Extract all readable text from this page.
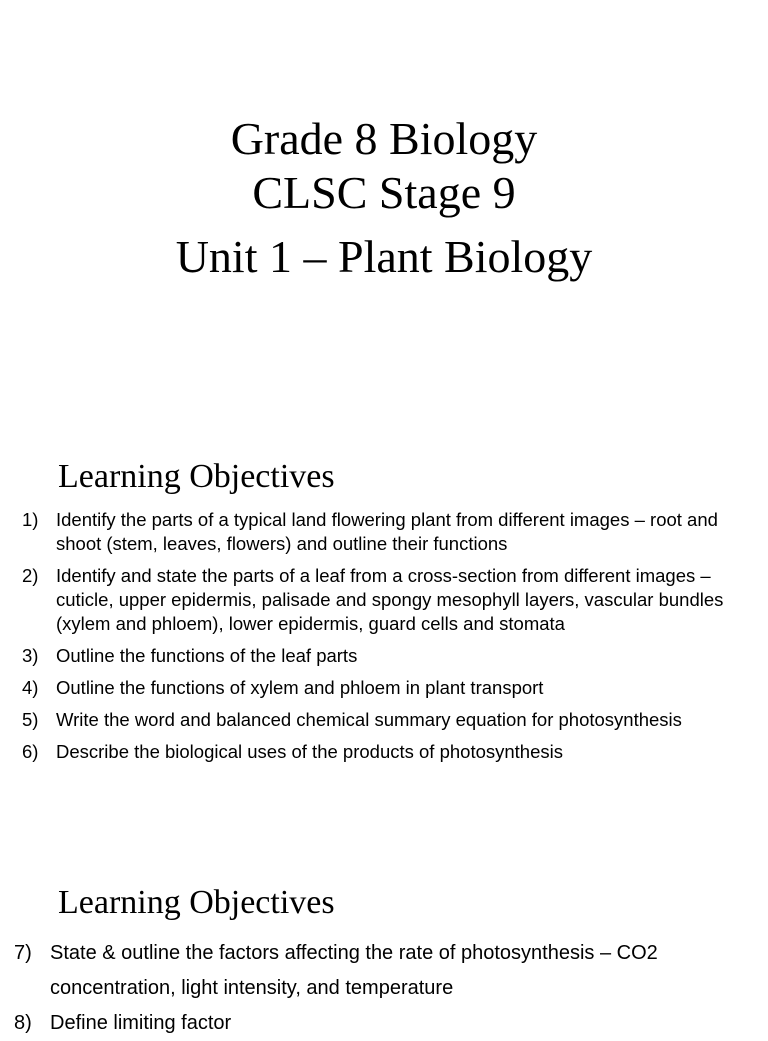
Grade 8 Biology
CLSC Stage 9
Unit 1 – Plant Biology
Learning Objectives
1) Identify the parts of a typical land flowering plant from different images – root and shoot (stem, leaves, flowers) and outline their functions
2) Identify and state the parts of a leaf from a cross-section from different images – cuticle, upper epidermis, palisade and spongy mesophyll layers, vascular bundles (xylem and phloem), lower epidermis, guard cells and stomata
3) Outline the functions of the leaf parts
4) Outline the functions of xylem and phloem in plant transport
5) Write the word and balanced chemical summary equation for photosynthesis
6) Describe the biological uses of the products of photosynthesis
Learning Objectives
7) State & outline the factors affecting the rate of photosynthesis – CO2 concentration, light intensity, and temperature
8) Define limiting factor
